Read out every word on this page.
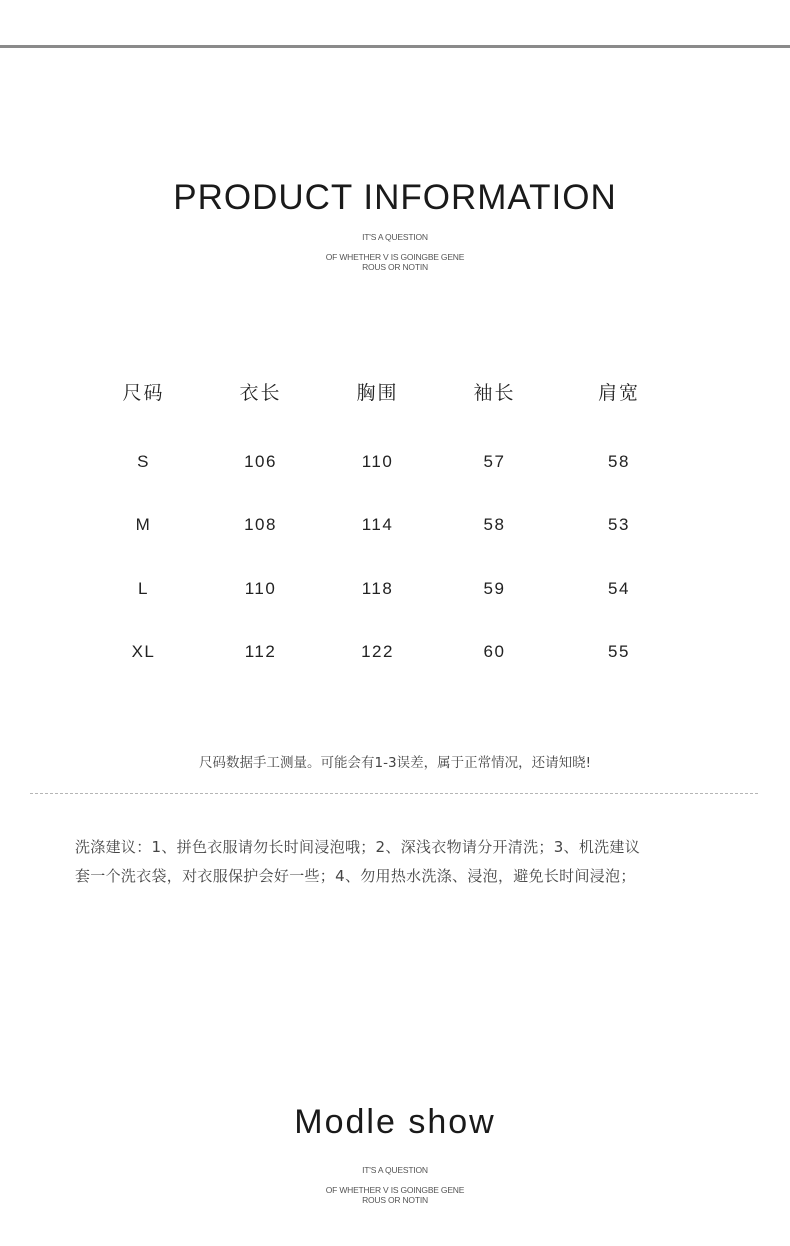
PRODUCT INFORMATION
IT'S A QUESTION
OF WHETHER V IS GOINGBE GENE
ROUS OR NOTIN
尺码	衣长	胸围	袖长	肩宽
S	106	110	57	58
M	108	114	58	53
L	110	118	59	54
XL	112	122	60	55
尺码数据手工测量。可能会有1-3误差，属于正常情况，还请知晓!
洗涤建议：1、拼色衣服请勿长时间浸泡哦；2、深浅衣物请分开清洗；3、机洗建议
套一个洗衣袋，对衣服保护会好一些；4、勿用热水洗涤、浸泡，避免长时间浸泡；
Modle show
IT'S A QUESTION
OF WHETHER V IS GOINGBE GENE
ROUS OR NOTIN
